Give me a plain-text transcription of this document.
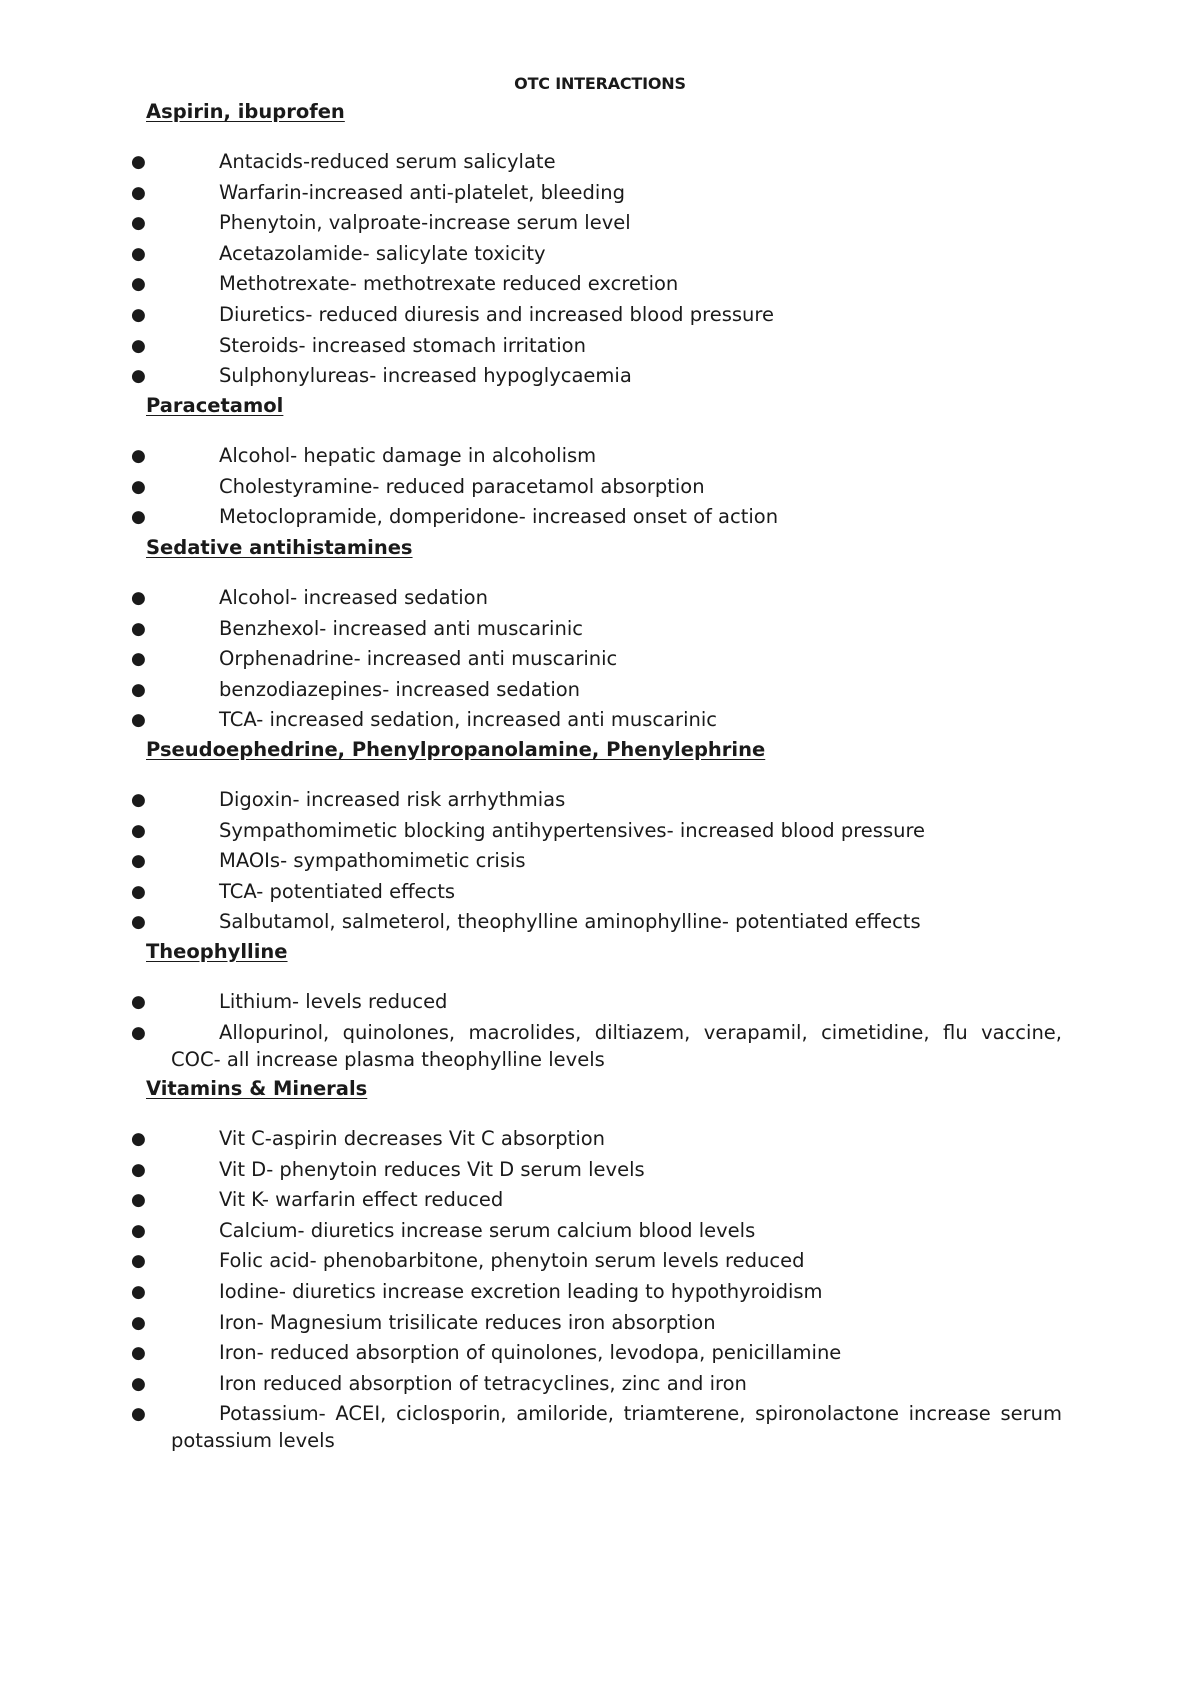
OTC INTERACTIONS
Aspirin, ibuprofen
●	Antacids-reduced serum salicylate
●	Warfarin-increased anti-platelet, bleeding
●	Phenytoin, valproate-increase serum level
●	Acetazolamide- salicylate toxicity
●	Methotrexate- methotrexate reduced excretion
●	Diuretics- reduced diuresis and increased blood pressure
●	Steroids- increased stomach irritation
●	Sulphonylureas- increased hypoglycaemia
Paracetamol
●	Alcohol- hepatic damage in alcoholism
●	Cholestyramine- reduced paracetamol absorption
●	Metoclopramide, domperidone- increased onset of action
Sedative antihistamines
●	Alcohol- increased sedation
●	Benzhexol- increased anti muscarinic
●	Orphenadrine- increased anti muscarinic
●	benzodiazepines- increased sedation
●	TCA- increased sedation, increased anti muscarinic
Pseudoephedrine, Phenylpropanolamine, Phenylephrine
●	Digoxin- increased risk arrhythmias
●	Sympathomimetic blocking antihypertensives- increased blood pressure
●	MAOIs- sympathomimetic crisis
●	TCA- potentiated effects
●	Salbutamol, salmeterol, theophylline aminophylline- potentiated effects
Theophylline
●	Lithium- levels reduced
●	Allopurinol, quinolones, macrolides, diltiazem, verapamil, cimetidine, flu vaccine, COC- all increase plasma theophylline levels
Vitamins & Minerals
●	Vit C-aspirin decreases Vit C absorption
●	Vit D- phenytoin reduces Vit D serum levels
●	Vit K- warfarin effect reduced
●	Calcium- diuretics increase serum calcium blood levels
●	Folic acid- phenobarbitone, phenytoin serum levels reduced
●	Iodine- diuretics increase excretion leading to hypothyroidism
●	Iron- Magnesium trisilicate reduces iron absorption
●	Iron- reduced absorption of quinolones, levodopa, penicillamine
●	Iron reduced absorption of tetracyclines, zinc and iron
●	Potassium- ACEI, ciclosporin, amiloride, triamterene, spironolactone increase serum potassium levels
